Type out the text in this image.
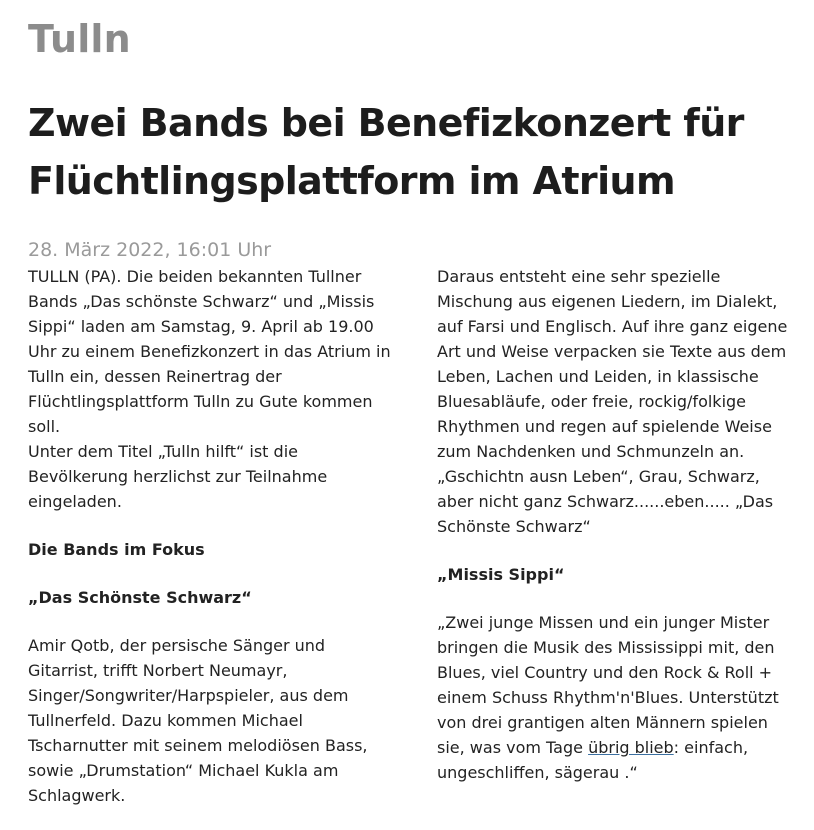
Tulln
Zwei Bands bei Benefizkonzert für Flüchtlingsplattform im Atrium
28. März 2022, 16:01 Uhr

TULLN (PA). Die beiden bekannten Tullner Bands „Das schönste Schwarz“ und „Missis Sippi“ laden am Samstag, 9. April ab 19.00 Uhr zu einem Benefizkonzert in das Atrium in Tulln ein, dessen Reinertrag der Flüchtlingsplattform Tulln zu Gute kommen soll.

Unter dem Titel „Tulln hilft“ ist die Bevölkerung herzlichst zur Teilnahme eingeladen.

Die Bands im Fokus

„Das Schönste Schwarz“

Amir Qotb, der persische Sänger und Gitarrist, trifft Norbert Neumayr, Singer/Songwriter/Harpspieler, aus dem Tullnerfeld. Dazu kommen Michael Tscharnutter mit seinem melodiösen Bass, sowie „Drumstation“ Michael Kukla am Schlagwerk.

Daraus entsteht eine sehr spezielle Mischung aus eigenen Liedern, im Dialekt, auf Farsi und Englisch. Auf ihre ganz eigene Art und Weise verpacken sie Texte aus dem Leben, Lachen und Leiden, in klassische Bluesabläufe, oder freie, rockig/folkige Rhythmen und regen auf spielende Weise zum Nachdenken und Schmunzeln an.

„Gschichtn ausn Leben“, Grau, Schwarz, aber nicht ganz Schwarz......eben..... „Das Schönste Schwarz“

„Missis Sippi“

„Zwei junge Missen und ein junger Mister bringen die Musik des Mississippi mit, den Blues, viel Country und den Rock & Roll + einem Schuss Rhythm'n'Blues. Unterstützt von drei grantigen alten Männern spielen sie, was vom Tage übrig blieb: einfach, ungeschliffen, sägerau .“
